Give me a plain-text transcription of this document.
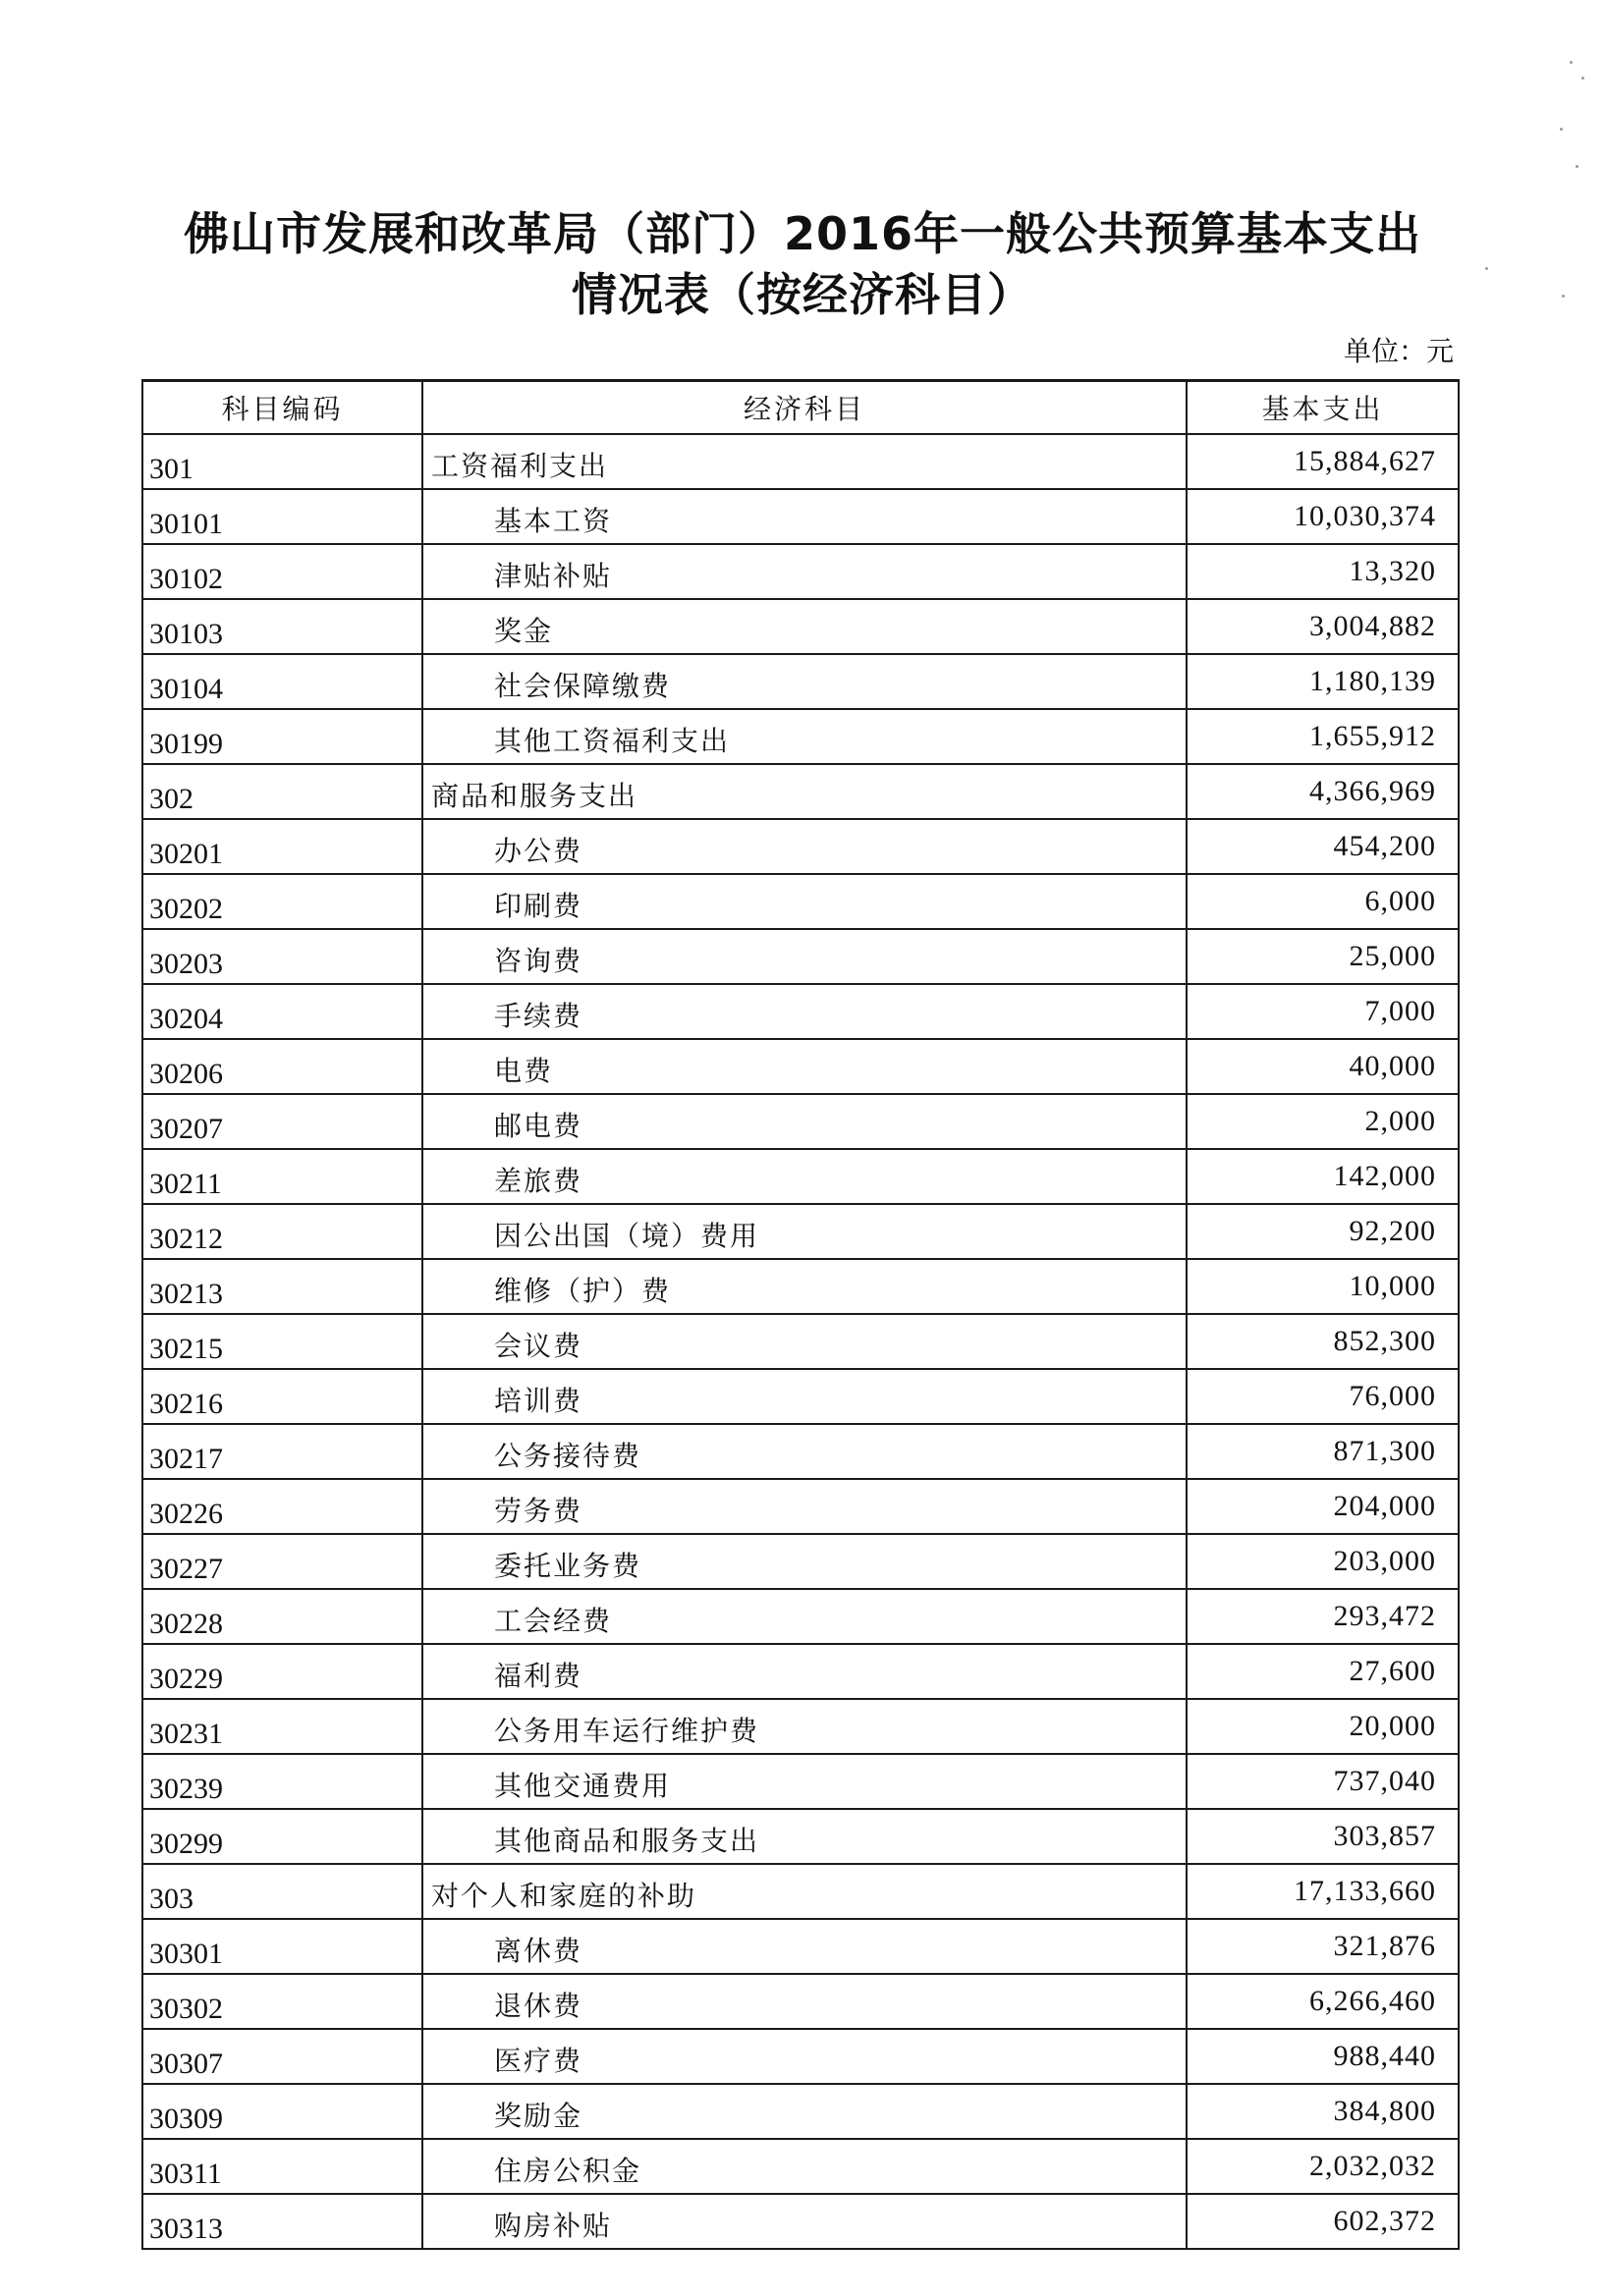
佛山市发展和改革局（部门）2016年一般公共预算基本支出
情况表（按经济科目）
单位：元
科目编码	经济科目	基本支出
301	工资福利支出	15,884,627
30101	基本工资	10,030,374
30102	津贴补贴	13,320
30103	奖金	3,004,882
30104	社会保障缴费	1,180,139
30199	其他工资福利支出	1,655,912
302	商品和服务支出	4,366,969
30201	办公费	454,200
30202	印刷费	6,000
30203	咨询费	25,000
30204	手续费	7,000
30206	电费	40,000
30207	邮电费	2,000
30211	差旅费	142,000
30212	因公出国（境）费用	92,200
30213	维修（护）费	10,000
30215	会议费	852,300
30216	培训费	76,000
30217	公务接待费	871,300
30226	劳务费	204,000
30227	委托业务费	203,000
30228	工会经费	293,472
30229	福利费	27,600
30231	公务用车运行维护费	20,000
30239	其他交通费用	737,040
30299	其他商品和服务支出	303,857
303	对个人和家庭的补助	17,133,660
30301	离休费	321,876
30302	退休费	6,266,460
30307	医疗费	988,440
30309	奖励金	384,800
30311	住房公积金	2,032,032
30313	购房补贴	602,372
